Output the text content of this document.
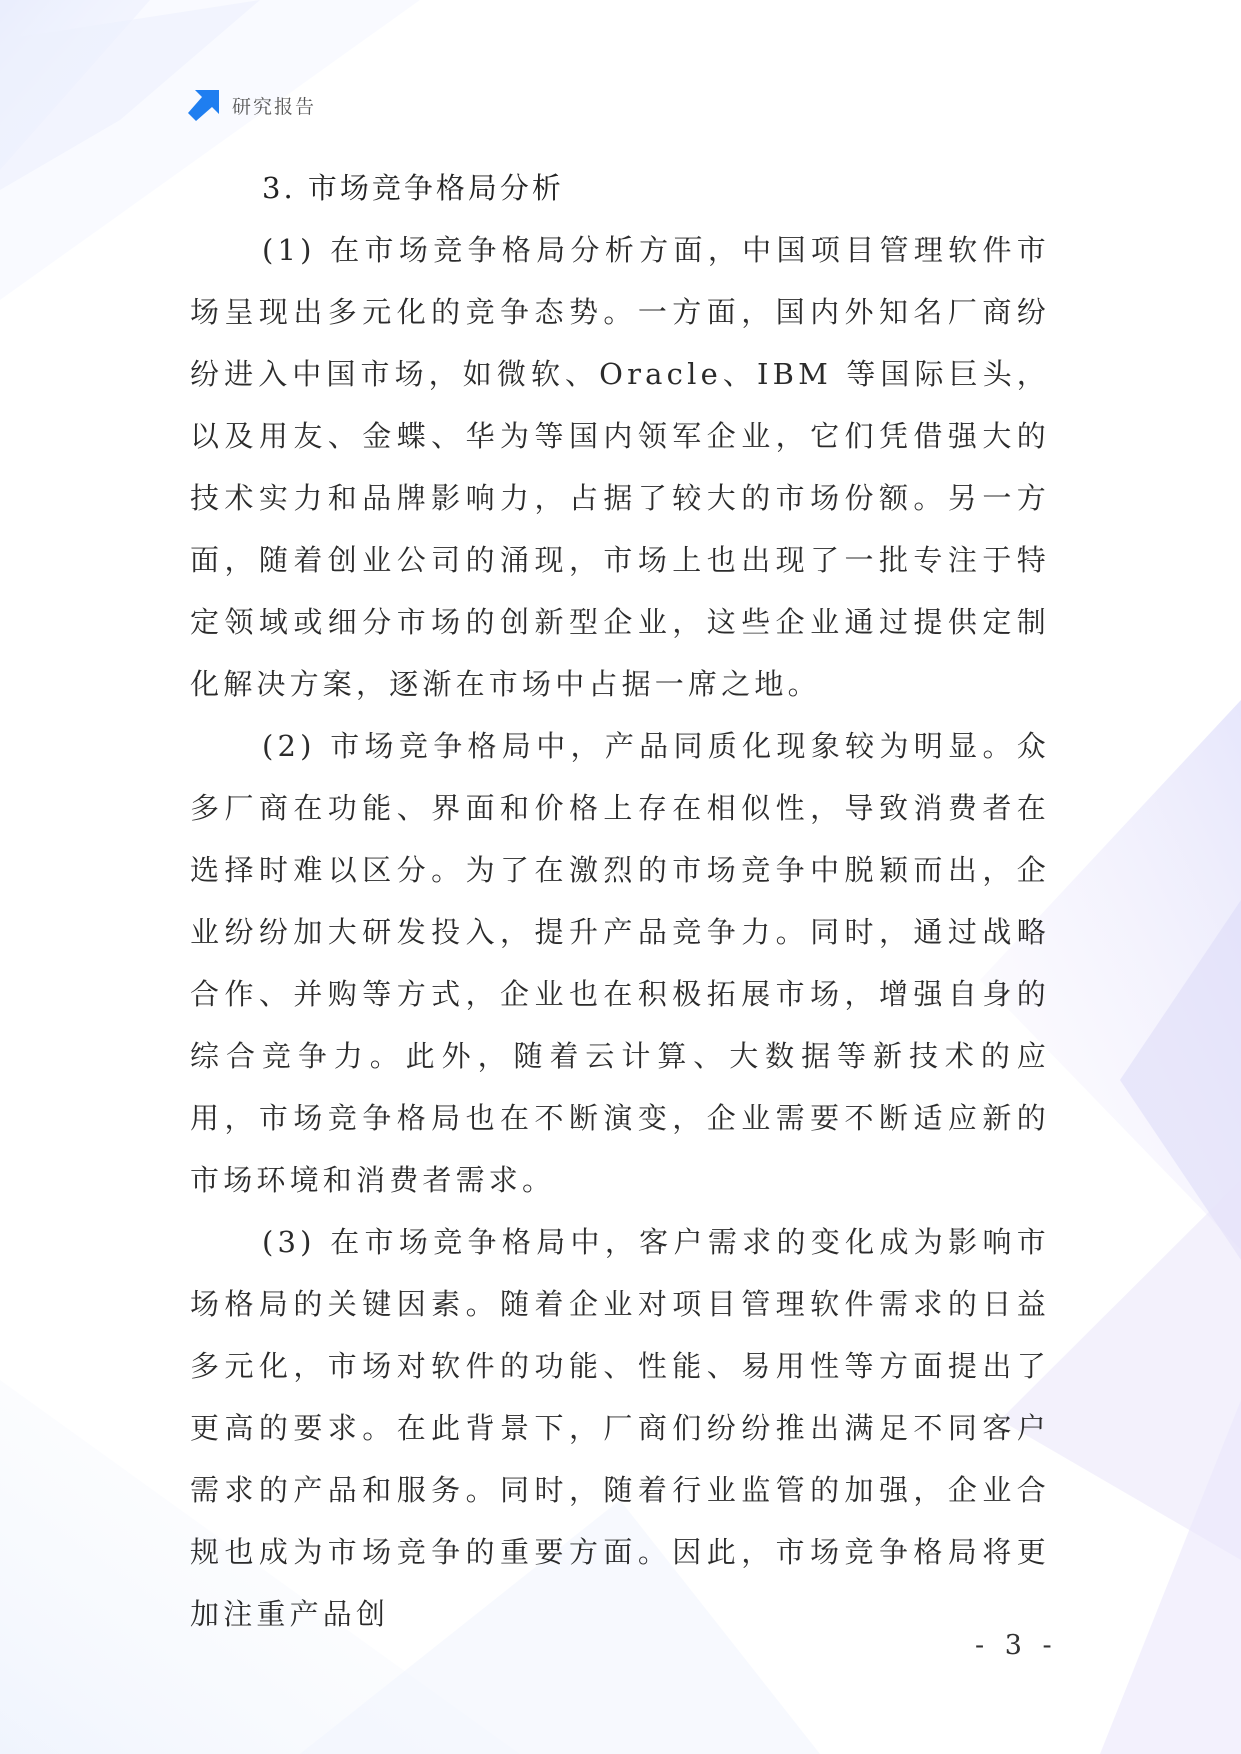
研究报告
3. 市场竞争格局分析

(1) 在市场竞争格局分析方面，中国项目管理软件市场呈现出多元化的竞争态势。一方面，国内外知名厂商纷纷进入中国市场，如微软、Oracle、IBM 等国际巨头，以及用友、金蝶、华为等国内领军企业，它们凭借强大的技术实力和品牌影响力，占据了较大的市场份额。另一方面，随着创业公司的涌现，市场上也出现了一批专注于特定领域或细分市场的创新型企业，这些企业通过提供定制化解决方案，逐渐在市场中占据一席之地。

(2) 市场竞争格局中，产品同质化现象较为明显。众多厂商在功能、界面和价格上存在相似性，导致消费者在选择时难以区分。为了在激烈的市场竞争中脱颖而出，企业纷纷加大研发投入，提升产品竞争力。同时，通过战略合作、并购等方式，企业也在积极拓展市场，增强自身的综合竞争力。此外，随着云计算、大数据等新技术的应用，市场竞争格局也在不断演变，企业需要不断适应新的市场环境和消费者需求。

(3) 在市场竞争格局中，客户需求的变化成为影响市场格局的关键因素。随着企业对项目管理软件需求的日益多元化，市场对软件的功能、性能、易用性等方面提出了更高的要求。在此背景下，厂商们纷纷推出满足不同客户需求的产品和服务。同时，随着行业监管的加强，企业合规也成为市场竞争的重要方面。因此，市场竞争格局将更加注重产品创

- 3 -
